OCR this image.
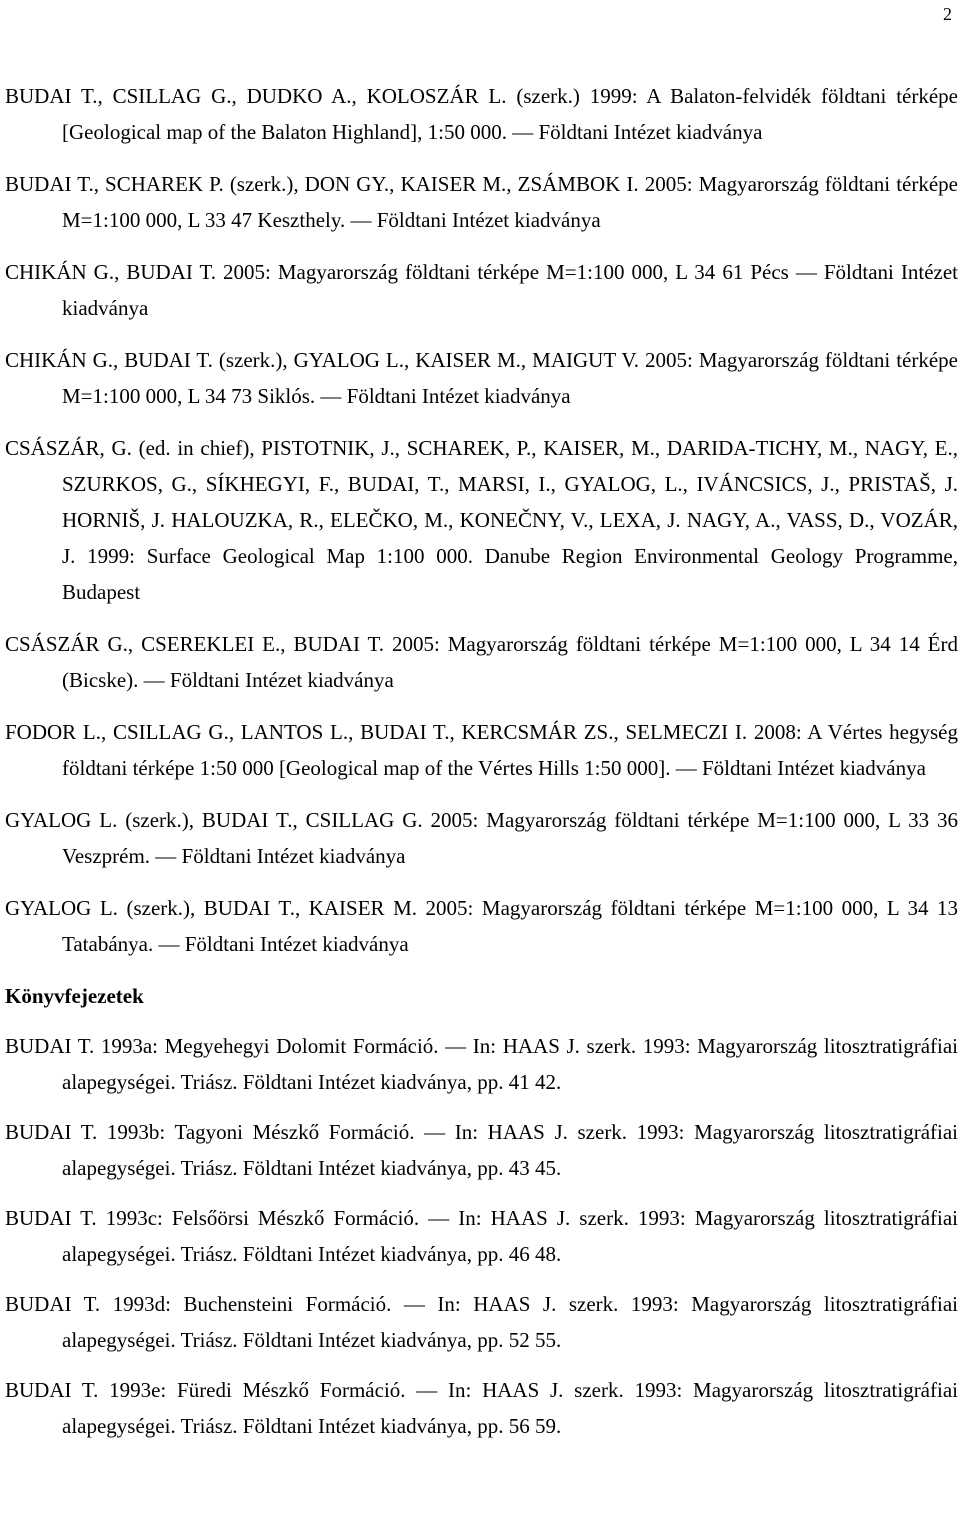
2

BUDAI T., CSILLAG G., DUDKO A., KOLOSZÁR L. (szerk.) 1999: A Balaton-felvidék földtani térképe [Geological map of the Balaton Highland], 1:50 000. — Földtani Intézet kiadványa

BUDAI T., SCHAREK P. (szerk.), DON GY., KAISER M., ZSÁMBOK I. 2005: Magyarország földtani térképe M=1:100 000, L 33 47 Keszthely. — Földtani Intézet kiadványa

CHIKÁN G., BUDAI T. 2005: Magyarország földtani térképe M=1:100 000, L 34 61 Pécs — Földtani Intézet kiadványa

CHIKÁN G., BUDAI T. (szerk.), GYALOG L., KAISER M., MAIGUT V. 2005: Magyarország földtani térképe M=1:100 000, L 34 73 Siklós. — Földtani Intézet kiadványa

CSÁSZÁR, G. (ed. in chief), PISTOTNIK, J., SCHAREK, P., KAISER, M., DARIDA-TICHY, M., NAGY, E., SZURKOS, G., SÍKHEGYI, F., BUDAI, T., MARSI, I., GYALOG, L., IVÁNCSICS, J., PRISTAŠ, J. HORNIŠ, J. HALOUZKA, R., ELEČKO, M., KONEČNY, V., LEXA, J. NAGY, A., VASS, D., VOZÁR, J. 1999: Surface Geological Map 1:100 000. Danube Region Environmental Geology Programme, Budapest

CSÁSZÁR G., CSEREKLEI E., BUDAI T. 2005: Magyarország földtani térképe M=1:100 000, L 34 14 Érd (Bicske). — Földtani Intézet kiadványa

FODOR L., CSILLAG G., LANTOS L., BUDAI T., KERCSMÁR ZS., SELMECZI I. 2008: A Vértes hegység földtani térképe 1:50 000 [Geological map of the Vértes Hills 1:50 000]. — Földtani Intézet kiadványa

GYALOG L. (szerk.), BUDAI T., CSILLAG G. 2005: Magyarország földtani térképe M=1:100 000, L 33 36 Veszprém. — Földtani Intézet kiadványa

GYALOG L. (szerk.), BUDAI T., KAISER M. 2005: Magyarország földtani térképe M=1:100 000, L 34 13 Tatabánya. — Földtani Intézet kiadványa

Könyvfejezetek

BUDAI T. 1993a: Megyehegyi Dolomit Formáció. — In: HAAS J. szerk. 1993: Magyarország litosztratigráfiai alapegységei. Triász. Földtani Intézet kiadványa, pp. 41 42.

BUDAI T. 1993b: Tagyoni Mészkő Formáció. — In: HAAS J. szerk. 1993: Magyarország litosztratigráfiai alapegységei. Triász. Földtani Intézet kiadványa, pp. 43 45.

BUDAI T. 1993c: Felsőörsi Mészkő Formáció. — In: HAAS J. szerk. 1993: Magyarország litosztratigráfiai alapegységei. Triász. Földtani Intézet kiadványa, pp. 46 48.

BUDAI T. 1993d: Buchensteini Formáció. — In: HAAS J. szerk. 1993: Magyarország litosztratigráfiai alapegységei. Triász. Földtani Intézet kiadványa, pp. 52 55.

BUDAI T. 1993e: Füredi Mészkő Formáció. — In: HAAS J. szerk. 1993: Magyarország litosztratigráfiai alapegységei. Triász. Földtani Intézet kiadványa, pp. 56 59.
